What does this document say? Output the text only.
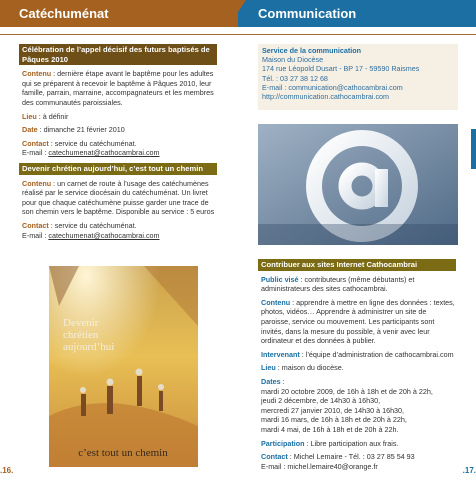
Catéchuménat	Communication
Célébration de l’appel décisif des futurs baptisés de Pâques 2010
Contenu : dernière étape avant le baptême pour les adultes qui se préparent à recevoir le baptême à Pâques 2010, leur famille, parrain, marraine, accompagnateurs et les membres des communautés paroissiales.
Lieu : à définir
Date : dimanche 21 février 2010
Contact : service du catéchuménat.
E-mail : catechumenat@cathocambrai.com
Devenir chrétien aujourd’hui, c’est tout un chemin
Contenu : un carnet de route à l’usage des catéchumènes réalisé par le service diocésain du catéchuménat. Un livret pour que chaque catéchumène puisse garder une trace de son chemin vers le baptême. Disponible au service : 5 euros
Contact : service du catéchuménat.
E-mail : catechumenat@cathocambrai.com
Devenir
chrétien
aujourd’hui
c’est tout un chemin
Service de la communication
Maison du Diocèse
174 rue Léopold Dusart - BP 17 - 59590 Raismes
Tél. : 03 27 38 12 68
E-mail : communication@cathocambrai.com
http://communication.cathocambrai.com
Contribuer aux sites Internet Cathocambrai
Public visé : contributeurs (même débutants) et administrateurs des sites cathocambrai.
Contenu : apprendre à mettre en ligne des données : textes, photos, vidéos… Apprendre à administrer un site de paroisse, service ou mouvement. Les participants sont invités, dans la mesure du possible, à venir avec leur ordinateur et des données à publier.
Intervenant : l’équipe d’administration de cathocambrai.com
Lieu : maison du diocèse.
Dates :
mardi 20 octobre 2009, de 16h à 18h et de 20h à 22h,
jeudi 2 décembre, de 14h30 à 16h30,
mercredi 27 janvier 2010, de 14h30 à 16h30,
mardi 16 mars, de 16h à 18h et de 20h à 22h,
mardi 4 mai, de 16h à 18h et de 20h à 22h.
Participation : Libre participation aux frais.
Contact : Michel Lemaire - Tél. : 03 27 85 54 93
E-mail : michel.lemaire40@orange.fr
.16.	.17.
